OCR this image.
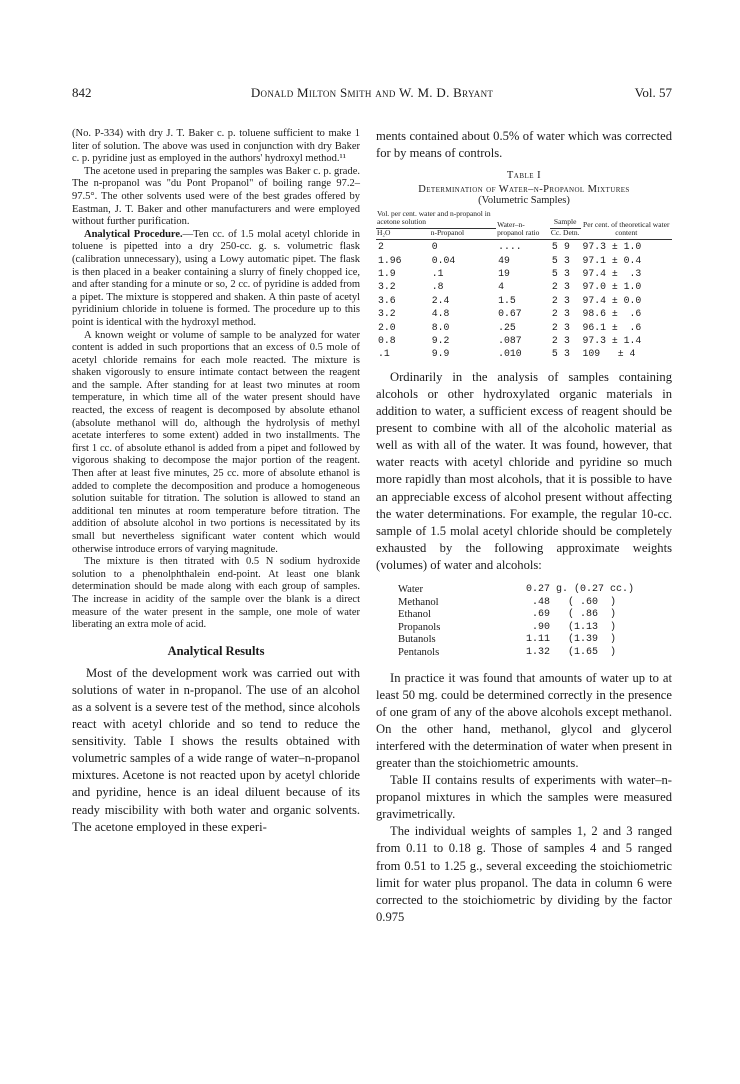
842	Donald Milton Smith and W. M. D. Bryant	Vol. 57

(No. P-334) with dry J. T. Baker c. p. toluene sufficient to make 1 liter of solution. The above was used in conjunction with dry Baker c. p. pyridine just as employed in the authors' hydroxyl method.¹¹

The acetone used in preparing the samples was Baker c. p. grade. The n-propanol was "du Pont Propanol" of boiling range 97.2–97.5°. The other solvents used were of the best grades offered by Eastman, J. T. Baker and other manufacturers and were employed without further purification.

Analytical Procedure.—Ten cc. of 1.5 molal acetyl chloride in toluene is pipetted into a dry 250-cc. g. s. volumetric flask (calibration unnecessary), using a Lowy automatic pipet. The flask is then placed in a beaker containing a slurry of finely chopped ice, and after standing for a minute or so, 2 cc. of pyridine is added from a pipet. The mixture is stoppered and shaken. A thin paste of acetyl pyridinium chloride in toluene is formed. The procedure up to this point is identical with the hydroxyl method.

A known weight or volume of sample to be analyzed for water content is added in such proportions that an excess of 0.5 mole of acetyl chloride remains for each mole reacted. The mixture is shaken vigorously to ensure intimate contact between the reagent and the sample. After standing for at least two minutes at room temperature, in which time all of the water present should have reacted, the excess of reagent is decomposed by absolute ethanol (absolute methanol will do, although the hydrolysis of methyl acetate interferes to some extent) added in two installments. The first 1 cc. of absolute ethanol is added from a pipet and followed by vigorous shaking to decompose the major portion of the reagent. Then after at least five minutes, 25 cc. more of absolute ethanol is added to complete the decomposition and produce a homogeneous solution suitable for titration. The solution is allowed to stand an additional ten minutes at room temperature before titration. The addition of absolute alcohol in two portions is necessitated by its small but nevertheless significant water content which would otherwise introduce errors of varying magnitude.

The mixture is then titrated with 0.5 N sodium hydroxide solution to a phenolphthalein end-point. At least one blank determination should be made along with each group of samples. The increase in acidity of the sample over the blank is a direct measure of the water present in the sample, one mole of water liberating an extra mole of acid.

Analytical Results

Most of the development work was carried out with solutions of water in n-propanol. The use of an alcohol as a solvent is a severe test of the method, since alcohols react with acetyl chloride and so tend to reduce the sensitivity. Table I shows the results obtained with volumetric samples of a wide range of water–n-propanol mixtures. Acetone is not reacted upon by acetyl chloride and pyridine, hence is an ideal diluent because of its ready miscibility with both water and organic solvents. The acetone employed in these experi-

ments contained about 0.5% of water which was corrected for by means of controls.

Table I
Determination of Water–n-Propanol Mixtures
(Volumetric Samples)
Vol. per cent. water and n-propanol in acetone solution		Water–n-propanol ratio	Sample		Per cent. of theoretical water content
H₂O	n-Propanol		Cc.	Detn.	
2	0	....	5	9	97.3 ± 1.0
1.96	0.04	49	5	3	97.1 ± 0.4
1.9	.1	19	5	3	97.4 ±  .3
3.2	.8	4	2	3	97.0 ± 1.0
3.6	2.4	1.5	2	3	97.4 ± 0.0
3.2	4.8	0.67	2	3	98.6 ±  .6
2.0	8.0	.25	2	3	96.1 ±  .6
0.8	9.2	.087	2	3	97.3 ± 1.4
.1	9.9	.010	5	3	109   ± 4

Ordinarily in the analysis of samples containing alcohols or other hydroxylated organic materials in addition to water, a sufficient excess of reagent should be present to combine with all of the alcoholic material as well as with all of the water. It was found, however, that water reacts with acetyl chloride and pyridine so much more rapidly than most alcohols, that it is possible to have an appreciable excess of alcohol present without affecting the water determinations. For example, the regular 10-cc. sample of 1.5 molal acetyl chloride should be completely exhausted by the following approximate weights (volumes) of water and alcohols:

Water	0.27 g. (0.27 cc.)
Methanol	.48   ( .60  )
Ethanol	.69   ( .86  )
Propanols	.90   (1.13  )
Butanols	1.11   (1.39  )
Pentanols	1.32   (1.65  )

In practice it was found that amounts of water up to at least 50 mg. could be determined correctly in the presence of one gram of any of the above alcohols except methanol. On the other hand, methanol, glycol and glycerol interfered with the determination of water when present in greater than the stoichiometric amounts.

Table II contains results of experiments with water–n-propanol mixtures in which the samples were measured gravimetrically.

The individual weights of samples 1, 2 and 3 ranged from 0.11 to 0.18 g. Those of samples 4 and 5 ranged from 0.51 to 1.25 g., several exceeding the stoichiometric limit for water plus propanol. The data in column 6 were corrected to the stoichiometric by dividing by the factor 0.975
